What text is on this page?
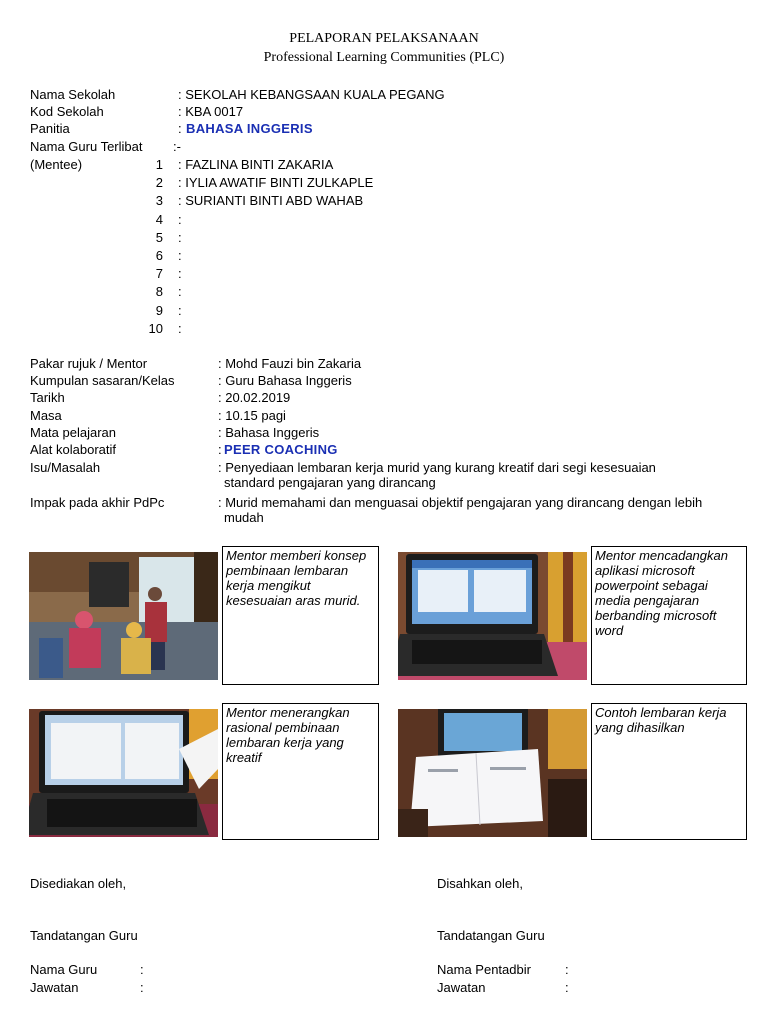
PELAPORAN PELAKSANAAN
Professional Learning Communities (PLC)
Nama Sekolah	: SEKOLAH KEBANGSAAN KUALA PEGANG
Kod Sekolah	: KBA 0017
Panitia	: BAHASA INGGERIS
Nama Guru Terlibat :-
(Mentee)	1 : FAZLINA BINTI ZAKARIA
2 : IYLIA AWATIF BINTI ZULKAPLE
3 : SURIANTI BINTI ABD WAHAB
4 :
5 :
6 :
7 :
8 :
9 :
10 :
Pakar rujuk / Mentor	: Mohd Fauzi bin Zakaria
Kumpulan sasaran/Kelas	: Guru Bahasa Inggeris
Tarikh	: 20.02.2019
Masa	: 10.15 pagi
Mata pelajaran	: Bahasa Inggeris
Alat kolaboratif	: PEER COACHING
Isu/Masalah	: Penyediaan lembaran kerja murid yang kurang kreatif dari segi kesesuaian
standard pengajaran yang dirancang
Impak pada akhir PdPc	: Murid memahami dan menguasai objektif pengajaran yang dirancang dengan lebih
mudah
Mentor memberi konsep pembinaan lembaran kerja mengikut kesesuaian aras murid.
Mentor mencadangkan aplikasi microsoft powerpoint sebagai media pengajaran berbanding microsoft word
Mentor menerangkan rasional pembinaan lembaran kerja yang kreatif
Contoh lembaran kerja yang dihasilkan
Disediakan oleh,	Disahkan oleh,
Tandatangan Guru	Tandatangan Guru
Nama Guru	:	Nama Pentadbir	:
Jawatan	:	Jawatan	:
